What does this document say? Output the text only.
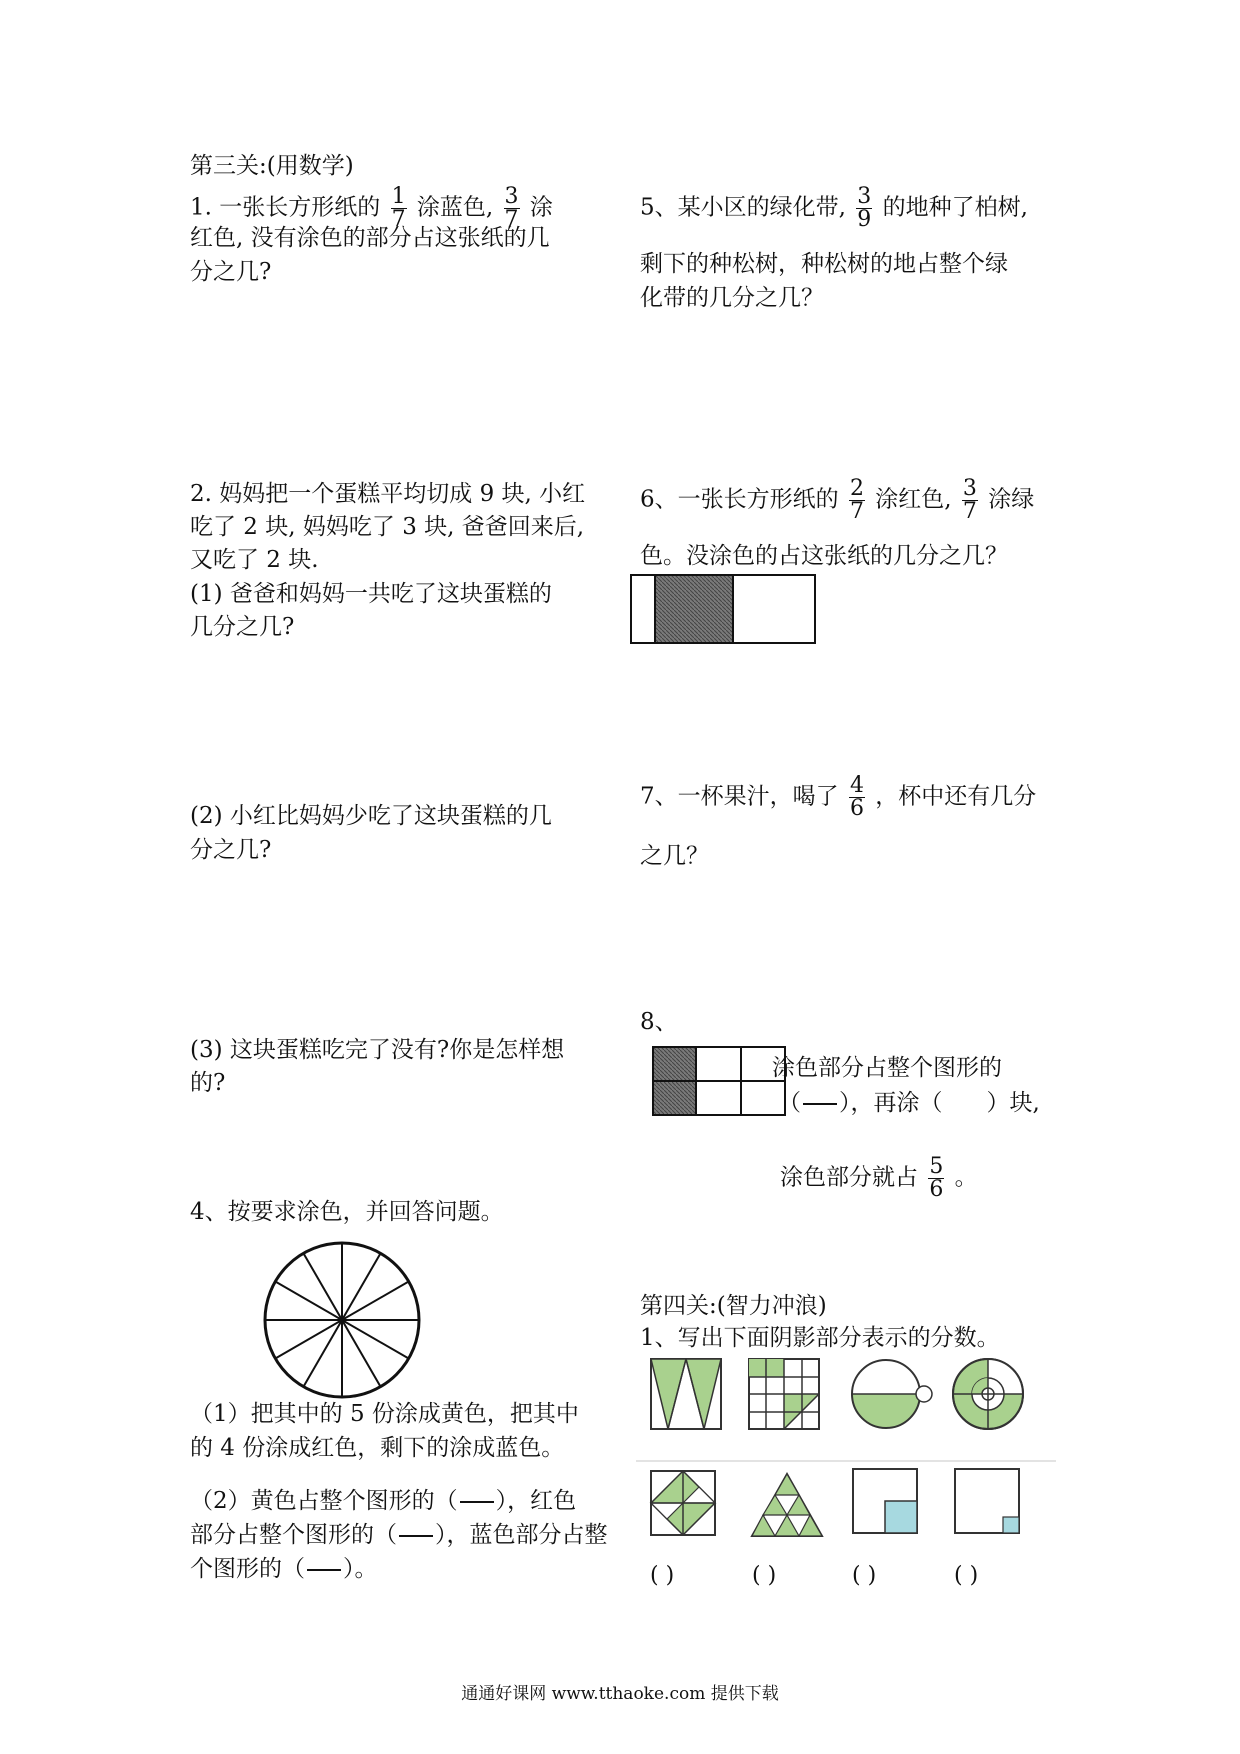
第三关:(用数学)
1. 一张长方形纸的 $\frac{1}{7}$ 涂蓝色, $\frac{3}{7}$ 涂
红色, 没有涂色的部分占这张纸的几
分之几?
2. 妈妈把一个蛋糕平均切成 9 块, 小红
吃了 2 块, 妈妈吃了 3 块, 爸爸回来后,
又吃了 2 块.
(1) 爸爸和妈妈一共吃了这块蛋糕的
几分之几?
(2) 小红比妈妈少吃了这块蛋糕的几
分之几?
(3) 这块蛋糕吃完了没有?你是怎样想
的?
4、按要求涂色，并回答问题。
（1）把其中的 5 份涂成黄色，把其中
的 4 份涂成红色，剩下的涂成蓝色。
（2）黄色占整个图形的（ ），红色
部分占整个图形的（ ），蓝色部分占整
个图形的（ ）。
5、某小区的绿化带, $\frac{3}{9}$ 的地种了柏树,
剩下的种松树，种松树的地占整个绿
化带的几分之几？
6、一张长方形纸的 $\frac{2}{7}$ 涂红色, $\frac{3}{7}$ 涂绿
色。没涂色的占这张纸的几分之几？
7、一杯果汁，喝了 $\frac{4}{6}$ ，杯中还有几分
之几？
8、
涂色部分占整个图形的
（ ），再涂（ ）块,
涂色部分就占 $\frac{5}{6}$ 。
第四关:(智力冲浪)
1、写出下面阴影部分表示的分数。
( )	( )	( )	( )
通通好课网 www.tthaoke.com 提供下载
